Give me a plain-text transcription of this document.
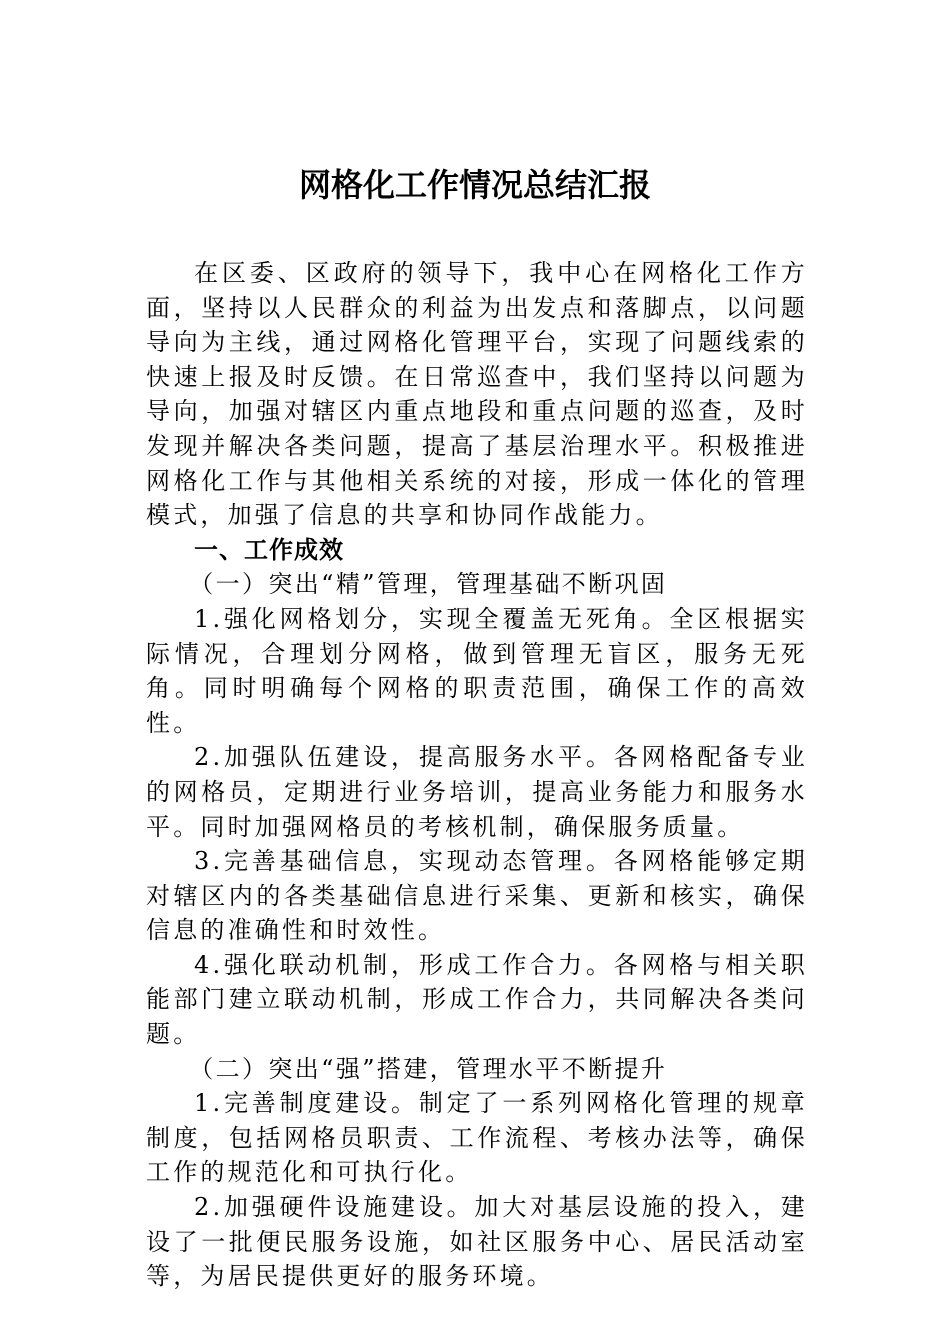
网格化工作情况总结汇报

在区委、区政府的领导下，我中心在网格化工作方面，坚持以人民群众的利益为出发点和落脚点，以问题导向为主线，通过网格化管理平台，实现了问题线索的快速上报及时反馈。在日常巡查中，我们坚持以问题为导向，加强对辖区内重点地段和重点问题的巡查，及时发现并解决各类问题，提高了基层治理水平。积极推进网格化工作与其他相关系统的对接，形成一体化的管理模式，加强了信息的共享和协同作战能力。

一、工作成效

（一）突出“精”管理，管理基础不断巩固

1.强化网格划分，实现全覆盖无死角。全区根据实际情况，合理划分网格，做到管理无盲区，服务无死角。同时明确每个网格的职责范围，确保工作的高效性。

2.加强队伍建设，提高服务水平。各网格配备专业的网格员，定期进行业务培训，提高业务能力和服务水平。同时加强网格员的考核机制，确保服务质量。

3.完善基础信息，实现动态管理。各网格能够定期对辖区内的各类基础信息进行采集、更新和核实，确保信息的准确性和时效性。

4.强化联动机制，形成工作合力。各网格与相关职能部门建立联动机制，形成工作合力，共同解决各类问题。

（二）突出“强”搭建，管理水平不断提升

1.完善制度建设。制定了一系列网格化管理的规章制度，包括网格员职责、工作流程、考核办法等，确保工作的规范化和可执行化。

2.加强硬件设施建设。加大对基层设施的投入，建设了一批便民服务设施，如社区服务中心、居民活动室等，为居民提供更好的服务环境。
